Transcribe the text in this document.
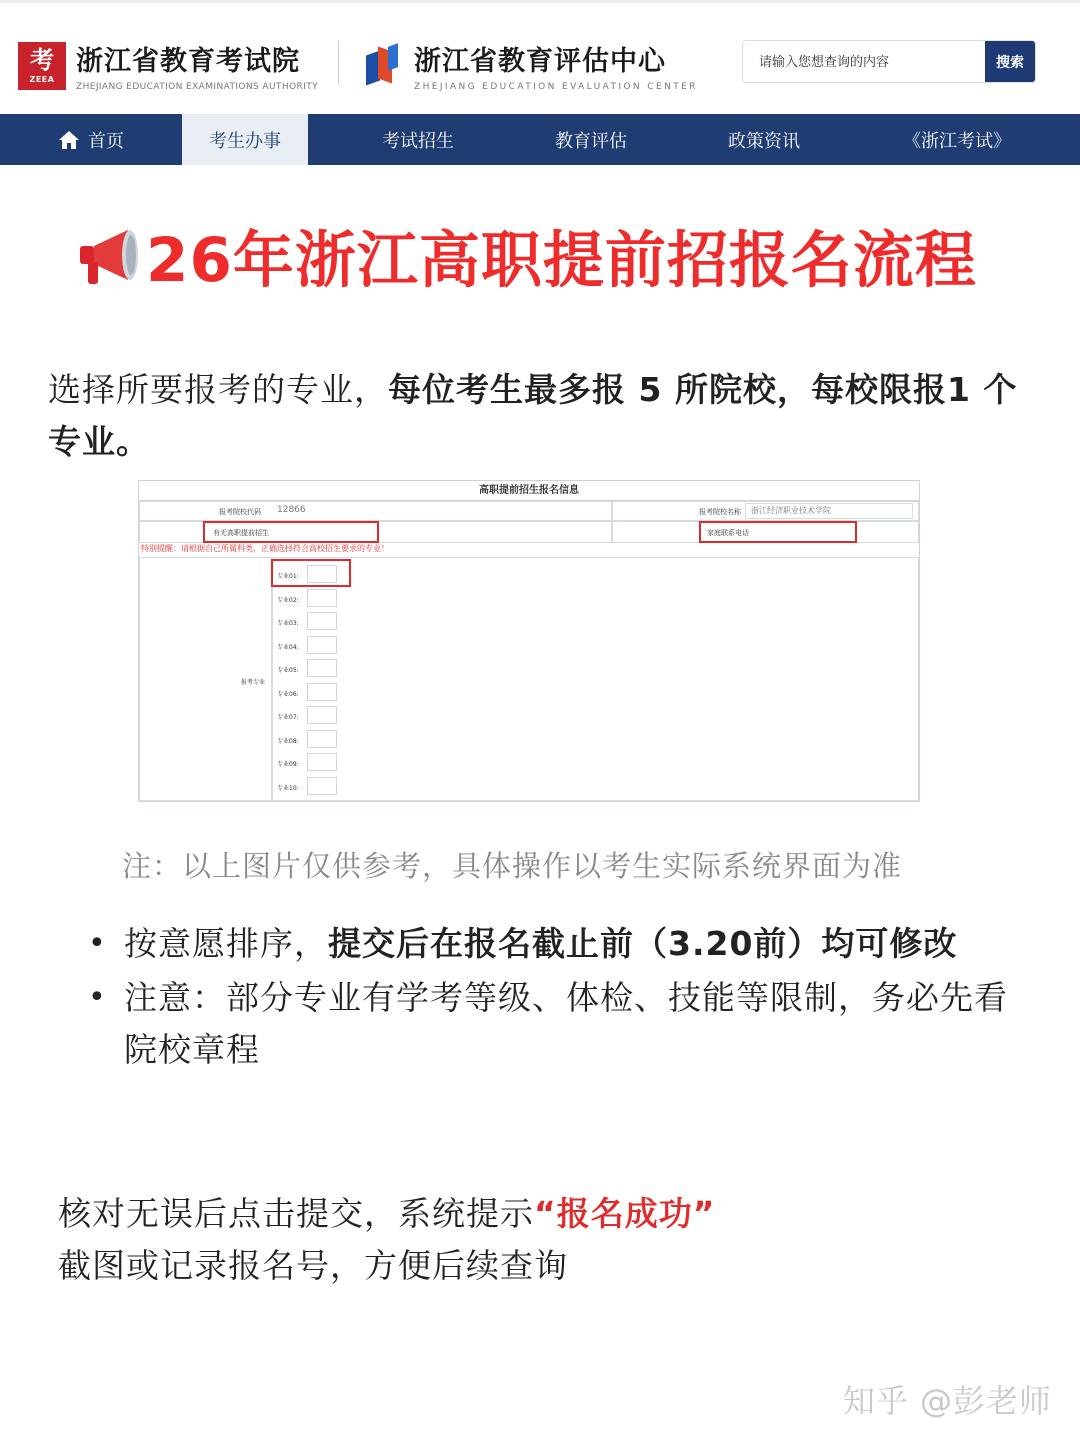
考
ZEEA
浙江省教育考试院
ZHEJIANG EDUCATION EXAMINATIONS AUTHORITY
浙江省教育评估中心
ZHEJIANG EDUCATION EVALUATION CENTER
请输入您想查询的内容
搜索
首页	考生办事	考试招生	教育评估	政策资讯	《浙江考试》
26年浙江高职提前招报名流程
选择所要报考的专业，每位考生最多报 5 所院校，每校限报1 个专业。
高职提前招生报名信息
报考院校代码 12866	报考院校名称 浙江经济职业技术学院
有无高职提前招生	家庭联系电话
特别提醒：请根据自己所属科类，正确选择符合高校招生要求的专业！
报考专业
专业01:
专业02:
专业03:
专业04:
专业05:
专业06:
专业07:
专业08:
专业09:
专业10:
注：以上图片仅供参考，具体操作以考生实际系统界面为准
• 按意愿排序，提交后在报名截止前（3.20前）均可修改
• 注意：部分专业有学考等级、体检、技能等限制，务必先看院校章程
核对无误后点击提交，系统提示“报名成功”
截图或记录报名号，方便后续查询
知乎 @彭老师
